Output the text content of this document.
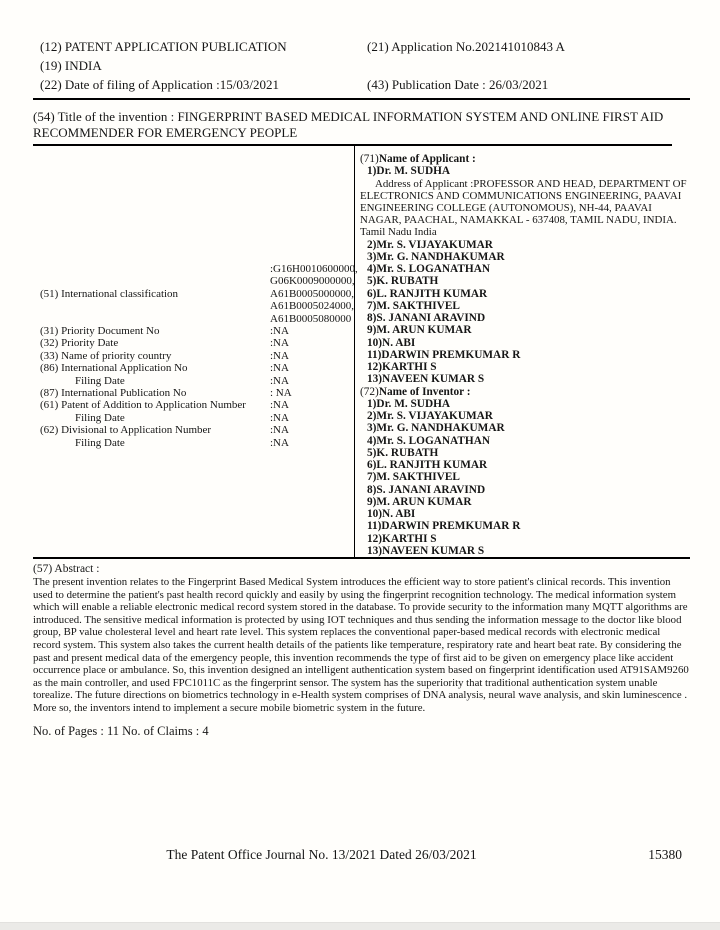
(12) PATENT APPLICATION PUBLICATION	(21) Application No.202141010843 A
(19) INDIA
(22) Date of filing of Application :15/03/2021	(43) Publication Date : 26/03/2021
(54) Title of the invention : FINGERPRINT BASED MEDICAL INFORMATION SYSTEM AND ONLINE FIRST AID RECOMMENDER FOR EMERGENCY PEOPLE
(51) International classification
:G16H0010600000,
G06K0009000000,
A61B0005000000,
A61B0005024000,
A61B0005080000
(31) Priority Document No	:NA
(32) Priority Date	:NA
(33) Name of priority country	:NA
(86) International Application No	:NA
Filing Date	:NA
(87) International Publication No	: NA
(61) Patent of Addition to Application Number	:NA
Filing Date	:NA
(62) Divisional to Application Number	:NA
Filing Date	:NA
(71)Name of Applicant :
1)Dr. M. SUDHA
Address of Applicant :PROFESSOR AND HEAD, DEPARTMENT OF ELECTRONICS AND COMMUNICATIONS ENGINEERING, PAAVAI ENGINEERING COLLEGE (AUTONOMOUS), NH-44, PAAVAI NAGAR, PAACHAL, NAMAKKAL - 637408, TAMIL NADU, INDIA. Tamil Nadu India
2)Mr. S. VIJAYAKUMAR
3)Mr. G. NANDHAKUMAR
4)Mr. S. LOGANATHAN
5)K. RUBATH
6)L. RANJITH KUMAR
7)M. SAKTHIVEL
8)S. JANANI ARAVIND
9)M. ARUN KUMAR
10)N. ABI
11)DARWIN PREMKUMAR R
12)KARTHI S
13)NAVEEN KUMAR S
(72)Name of Inventor :
1)Dr. M. SUDHA
2)Mr. S. VIJAYAKUMAR
3)Mr. G. NANDHAKUMAR
4)Mr. S. LOGANATHAN
5)K. RUBATH
6)L. RANJITH KUMAR
7)M. SAKTHIVEL
8)S. JANANI ARAVIND
9)M. ARUN KUMAR
10)N. ABI
11)DARWIN PREMKUMAR R
12)KARTHI S
13)NAVEEN KUMAR S
(57) Abstract :
The present invention relates to the Fingerprint Based Medical System introduces the efficient way to store patient's clinical records. This invention used to determine the patient's past health record quickly and easily by using the fingerprint recognition technology. The medical information system which will enable a reliable electronic medical record system stored in the database. To provide security to the information many MQTT algorithms are introduced. The sensitive medical information is protected by using IOT techniques and thus sending the information message to the doctor like blood group, BP value cholesteral level and heart rate level. This system replaces the conventional paper-based medical records with electronic medical record system. This system also takes the current health details of the patients like temperature, respiratory rate and heart beat rate. By considering the past and present medical data of the emergency people, this invention recommends the type of first aid to be given on emergency place like accident occurrence place or ambulance. So, this invention designed an intelligent authentication system based on fingerprint identification used AT91SAM9260 as the main controller, and used FPC1011C as the fingerprint sensor. The system has the superiority that traditional authentication system unable torealize. The future directions on biometrics technology in e-Health system comprises of DNA analysis, neural wave analysis, and skin luminescence . More so, the inventors intend to implement a secure mobile biometric system in the future.
No. of Pages : 11 No. of Claims : 4
The Patent Office Journal No. 13/2021 Dated 26/03/2021	15380
